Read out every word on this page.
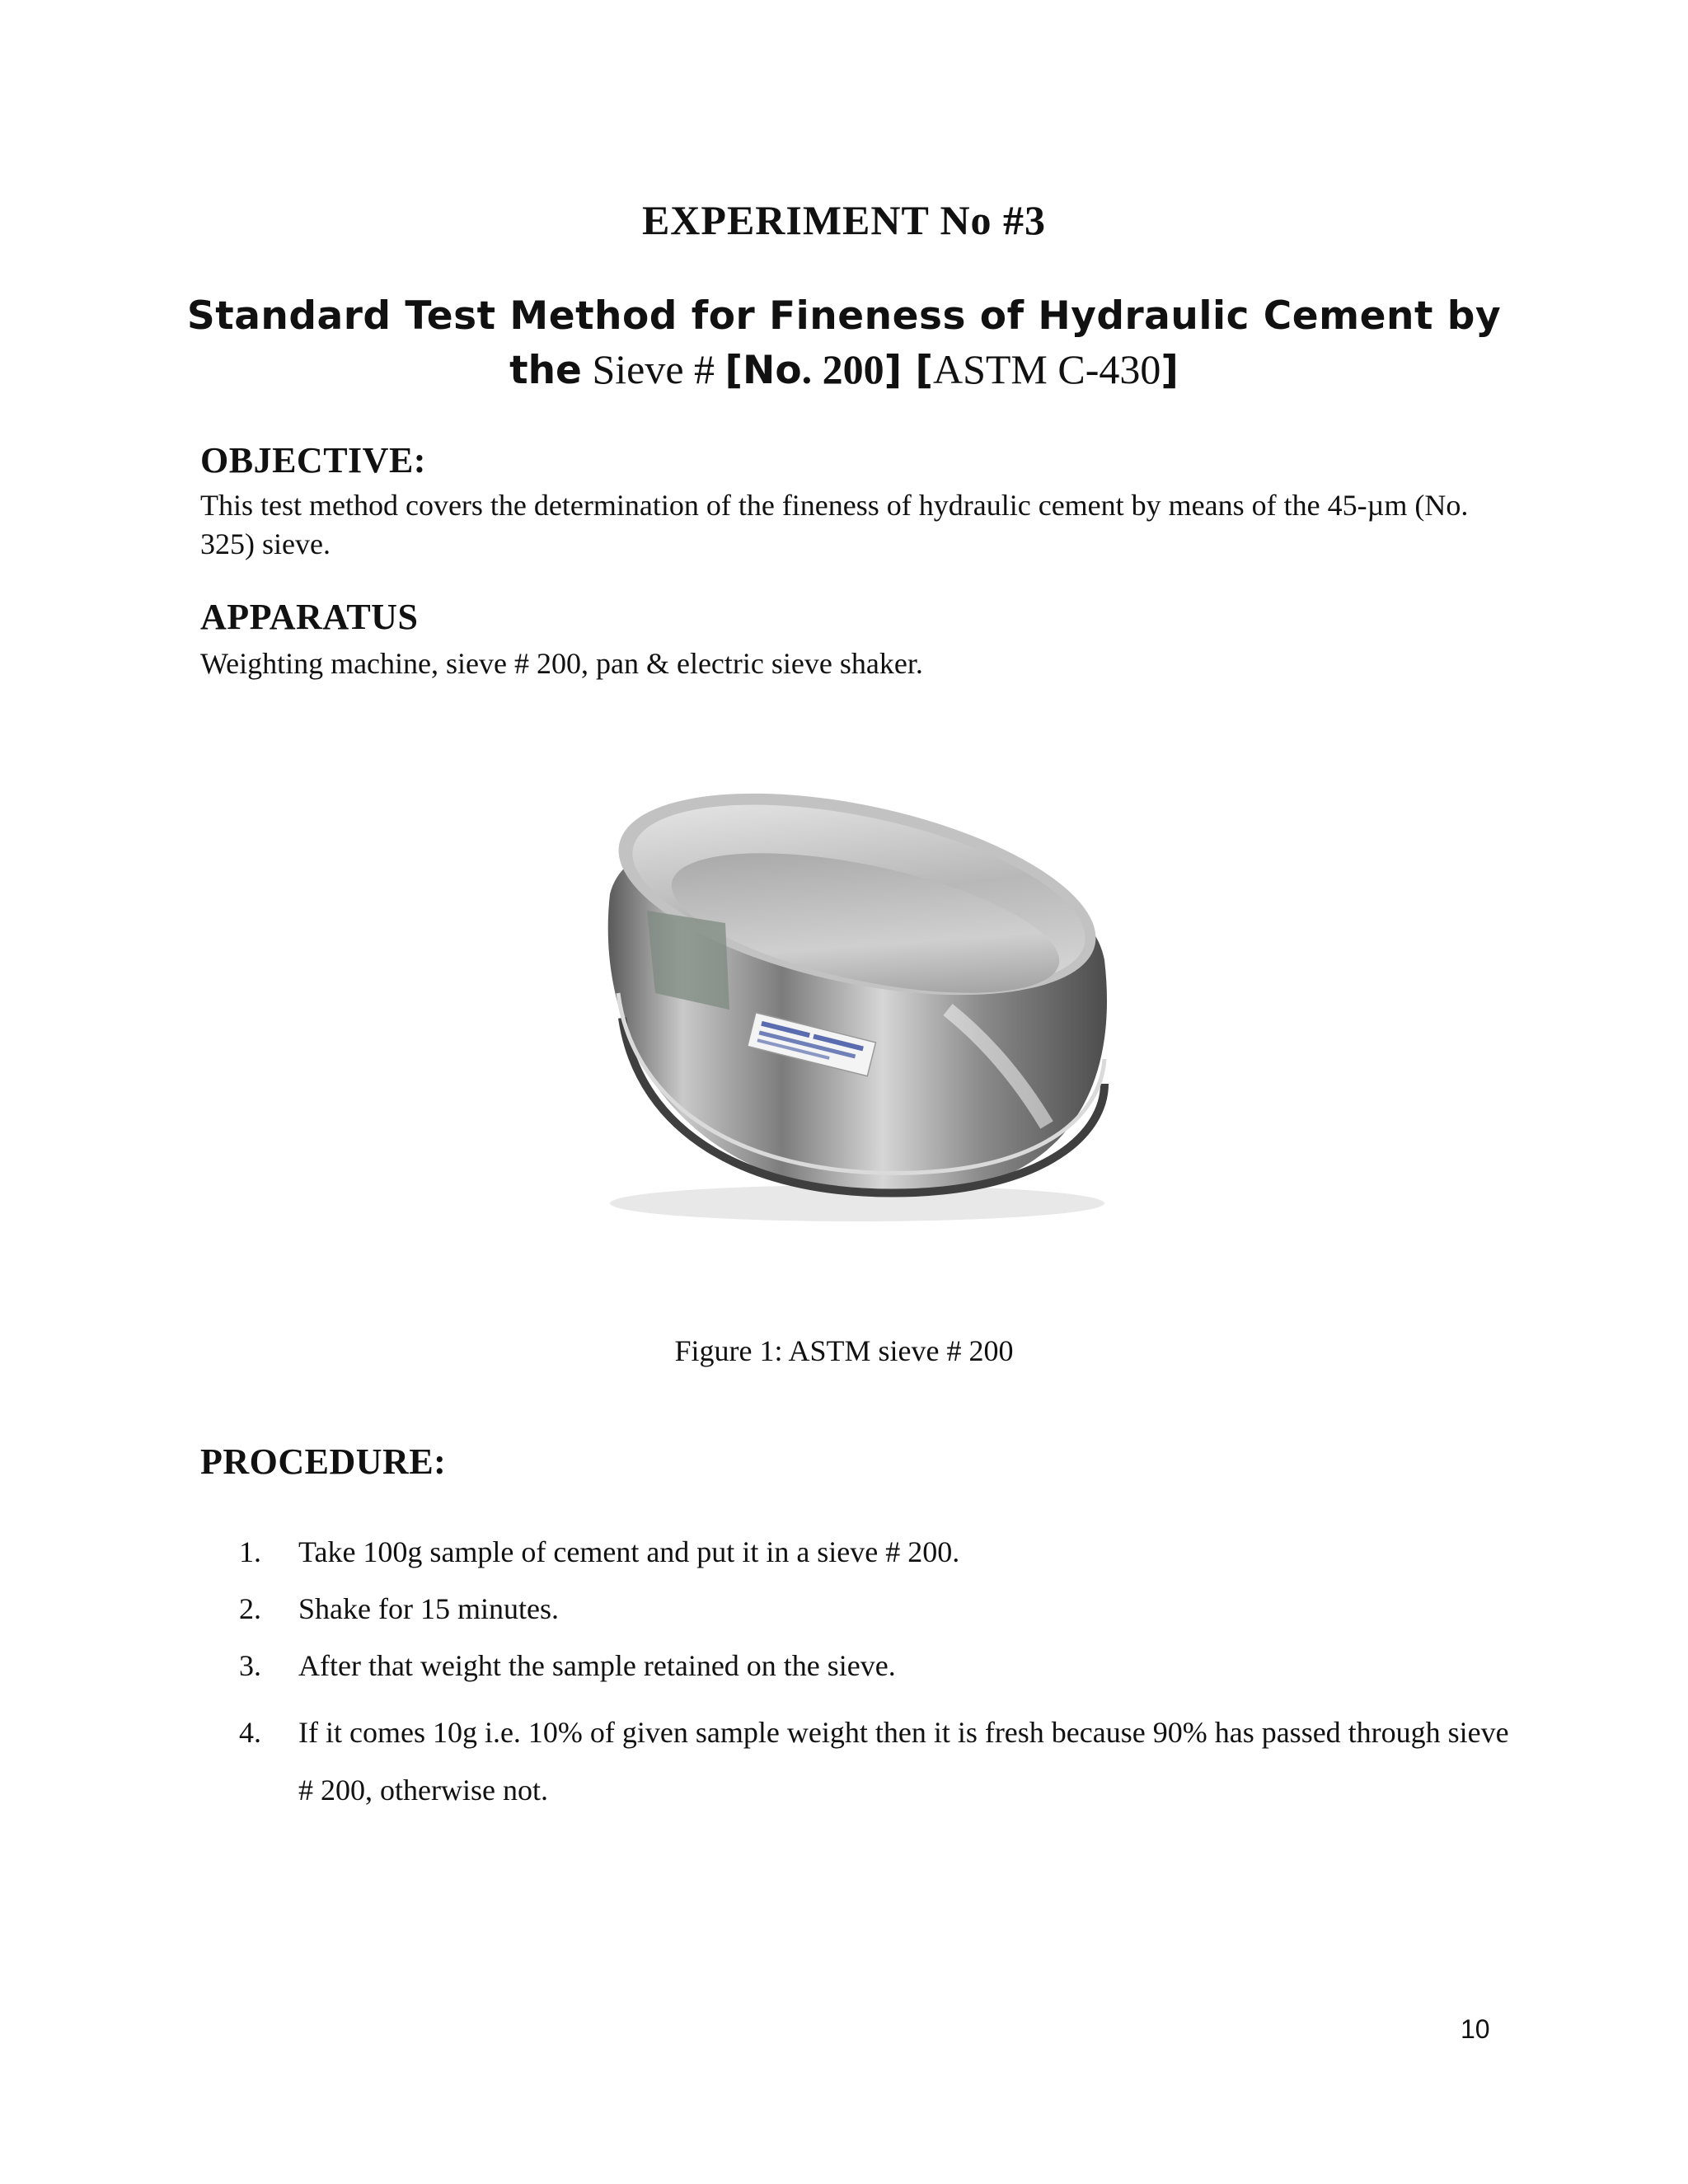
EXPERIMENT No #3
Standard Test Method for Fineness of Hydraulic Cement by
the Sieve # [No. 200] [ASTM C-430]
OBJECTIVE:
This test method covers the determination of the fineness of hydraulic cement by means of the 45-µm (No. 325) sieve.
APPARATUS
Weighting machine, sieve # 200, pan & electric sieve shaker.
Figure 1: ASTM sieve # 200
PROCEDURE:
1.	Take 100g sample of cement and put it in a sieve # 200.
2.	Shake for 15 minutes.
3.	After that weight the sample retained on the sieve.
4.	If it comes 10g i.e. 10% of given sample weight then it is fresh because 90% has passed through sieve # 200, otherwise not.
10
